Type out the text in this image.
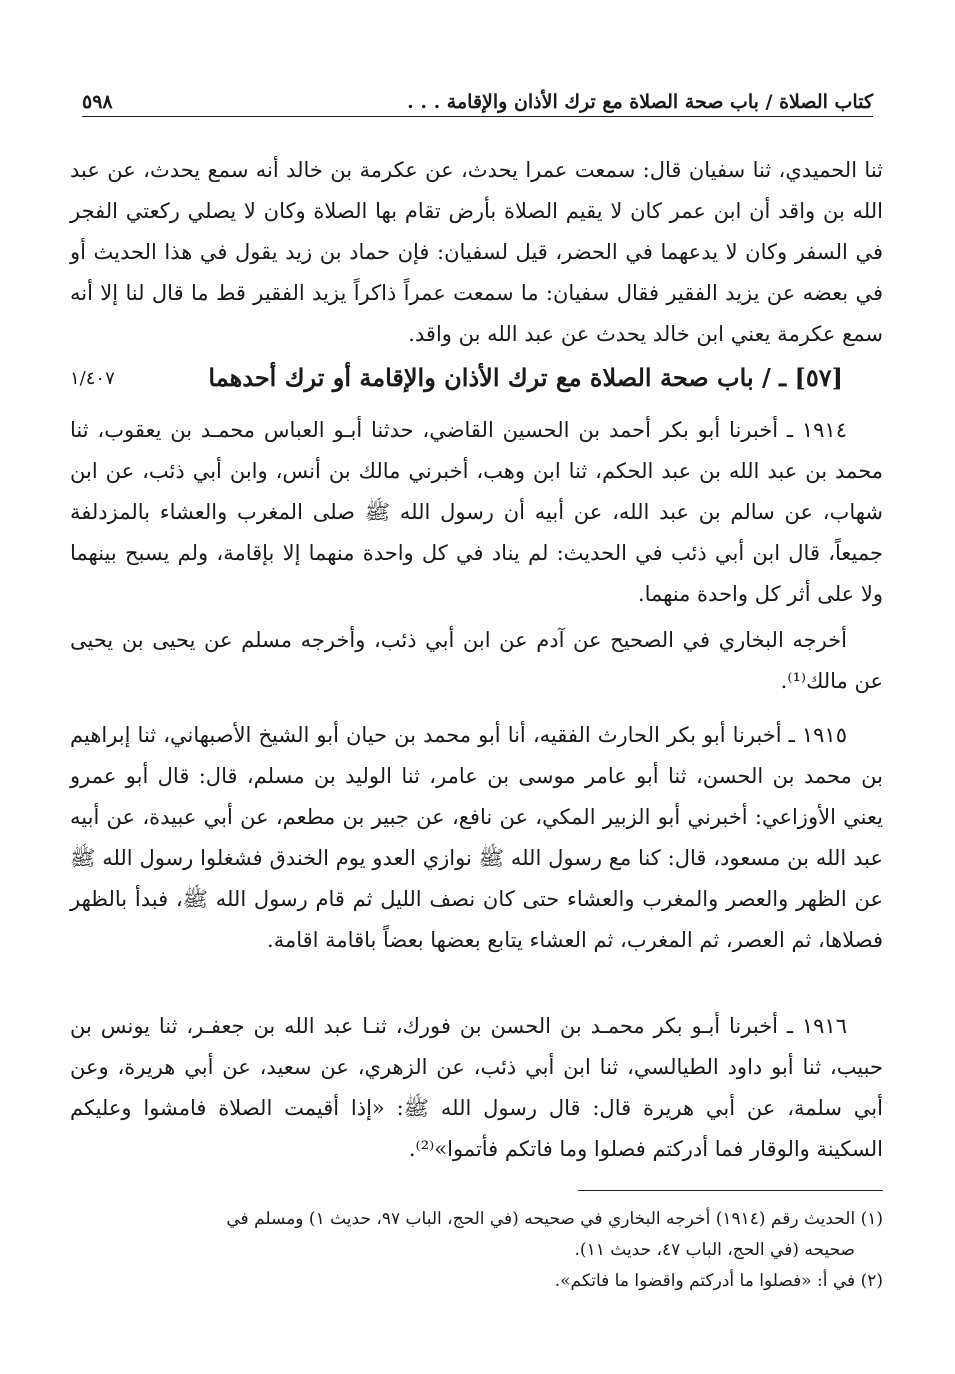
كتاب الصلاة / باب صحة الصلاة مع ترك الأذان والإقامة . . .
٥٩٨

ثنا الحميدي، ثنا سفيان قال: سمعت عمرا يحدث، عن عكرمة بن خالد أنه سمع يحدث، عن عبد الله بن واقد أن ابن عمر كان لا يقيم الصلاة بأرض تقام بها الصلاة وكان لا يصلي ركعتي الفجر في السفر وكان لا يدعهما في الحضر، قيل لسفيان: فإن حماد بن زيد يقول في هذا الحديث أو في بعضه عن يزيد الفقير فقال سفيان: ما سمعت عمراً ذاكراً يزيد الفقير قط ما قال لنا إلا أنه سمع عكرمة يعني ابن خالد يحدث عن عبد الله بن واقد.

[٥٧] ـ / باب صحة الصلاة مع ترك الأذان والإقامة أو ترك أحدهما
١/٤٠٧

١٩١٤ ـ أخبرنا أبو بكر أحمد بن الحسين القاضي، حدثنا أبـو العباس محمـد بن يعقوب، ثنا محمد بن عبد الله بن عبد الحكم، ثنا ابن وهب، أخبرني مالك بن أنس، وابن أبي ذئب، عن ابن شهاب، عن سالم بن عبد الله، عن أبيه أن رسول الله ﷺ صلى المغرب والعشاء بالمزدلفة جميعاً، قال ابن أبي ذئب في الحديث: لم يناد في كل واحدة منهما إلا بإقامة، ولم يسبح بينهما ولا على أثر كل واحدة منهما.

أخرجه البخاري في الصحيح عن آدم عن ابن أبي ذئب، وأخرجه مسلم عن يحيى بن يحيى عن مالك⁽¹⁾.

١٩١٥ ـ أخبرنا أبو بكر الحارث الفقيه، أنا أبو محمد بن حيان أبو الشيخ الأصبهاني، ثنا إبراهيم بن محمد بن الحسن، ثنا أبو عامر موسى بن عامر، ثنا الوليد بن مسلم، قال: قال أبو عمرو يعني الأوزاعي: أخبرني أبو الزبير المكي، عن نافع، عن جبير بن مطعم، عن أبي عبيدة، عن أبيه عبد الله بن مسعود، قال: كنا مع رسول الله ﷺ نوازي العدو يوم الخندق فشغلوا رسول الله ﷺ عن الظهر والعصر والمغرب والعشاء حتى كان نصف الليل ثم قام رسول الله ﷺ، فبدأ بالظهر فصلاها، ثم العصر، ثم المغرب، ثم العشاء يتابع بعضها بعضاً باقامة اقامة.

١٩١٦ ـ أخبرنا أبـو بكر محمـد بن الحسن بن فورك، ثنـا عبد الله بن جعفـر، ثنا يونس بن حبيب، ثنا أبو داود الطيالسي، ثنا ابن أبي ذئب، عن الزهري، عن سعيد، عن أبي هريرة، وعن أبي سلمة، عن أبي هريرة قال: قال رسول الله ﷺ: «إذا أقيمت الصلاة فامشوا وعليكم السكينة والوقار فما أدركتم فصلوا وما فاتكم فأتموا»⁽²⁾.

(١) الحديث رقم (١٩١٤) أخرجه البخاري في صحيحه (في الحج، الباب ٩٧، حديث ١) ومسلم في

صحيحه (في الحج، الباب ٤٧، حديث ١١).

(٢) في أ: «فصلوا ما أدركتم واقضوا ما فاتكم».
